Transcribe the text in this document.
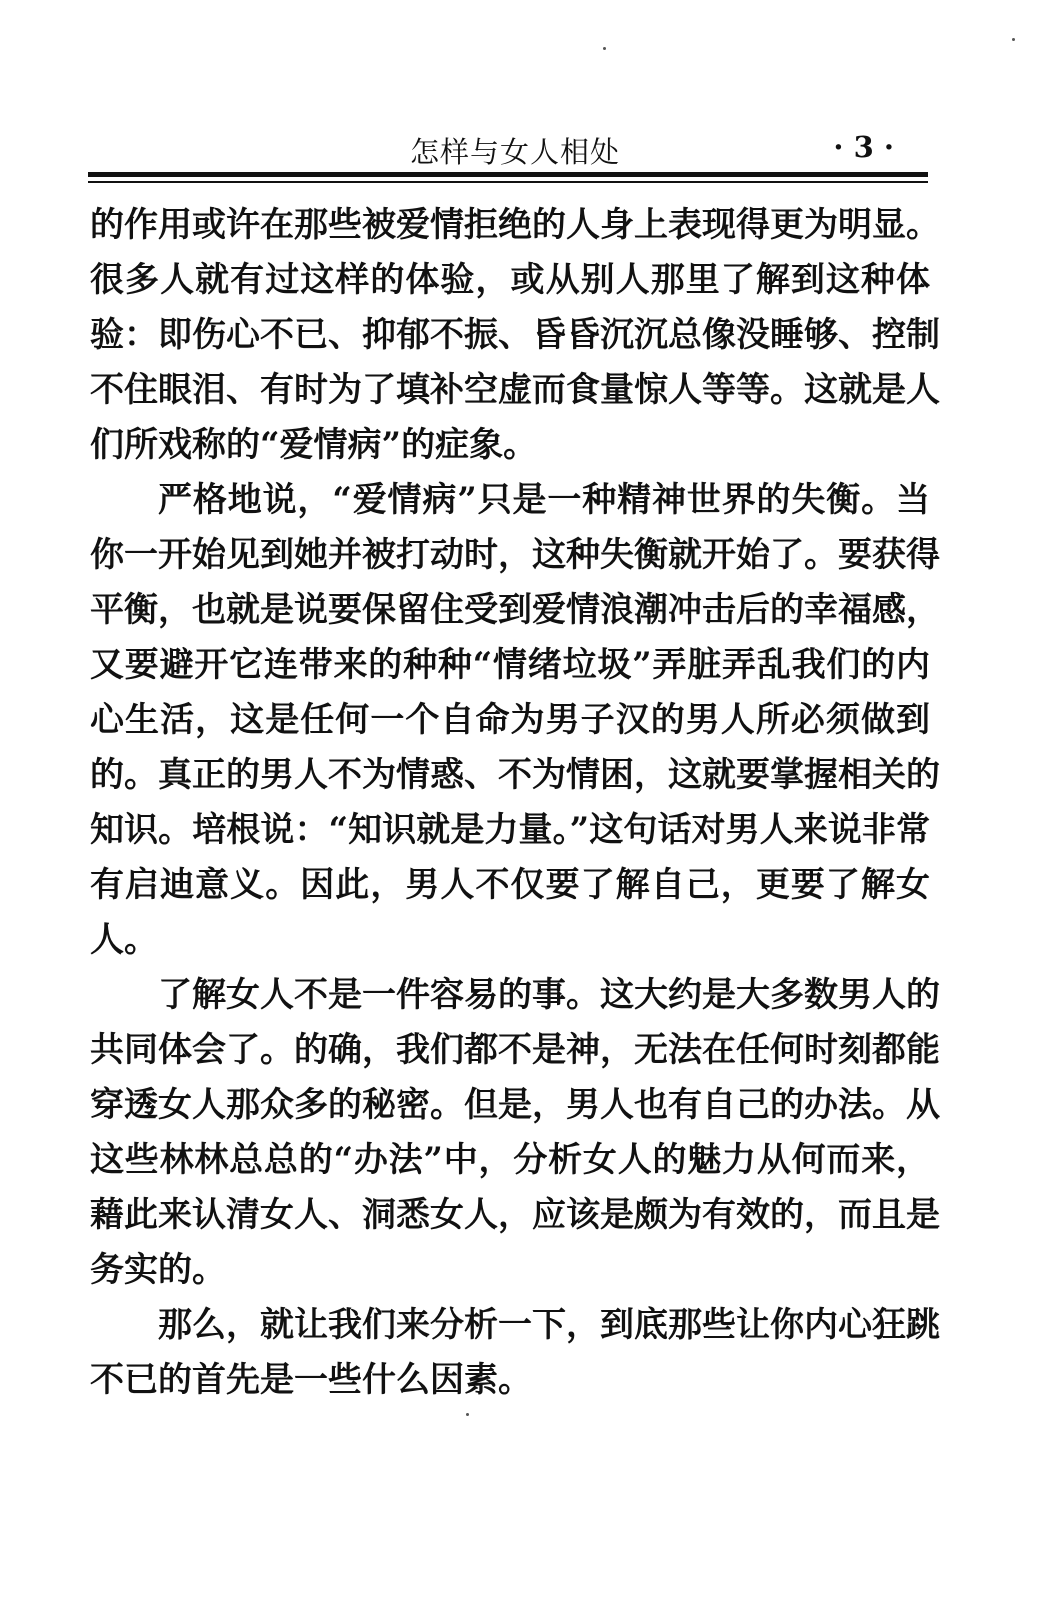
怎样与女人相处	· 3 ·
的作用或许在那些被爱情拒绝的人身上表现得更为明显。
很多人就有过这样的体验，或从别人那里了解到这种体
验：即伤心不已、抑郁不振、昏昏沉沉总像没睡够、控制
不住眼泪、有时为了填补空虚而食量惊人等等。这就是人
们所戏称的“爱情病”的症象。
严格地说，“爱情病”只是一种精神世界的失衡。当
你一开始见到她并被打动时，这种失衡就开始了。要获得
平衡，也就是说要保留住受到爱情浪潮冲击后的幸福感，
又要避开它连带来的种种“情绪垃圾”弄脏弄乱我们的内
心生活，这是任何一个自命为男子汉的男人所必须做到
的。真正的男人不为情惑、不为情困，这就要掌握相关的
知识。培根说：“知识就是力量。”这句话对男人来说非常
有启迪意义。因此，男人不仅要了解自己，更要了解女
人。
了解女人不是一件容易的事。这大约是大多数男人的
共同体会了。的确，我们都不是神，无法在任何时刻都能
穿透女人那众多的秘密。但是，男人也有自己的办法。从
这些林林总总的“办法”中，分析女人的魅力从何而来，
藉此来认清女人、洞悉女人，应该是颇为有效的，而且是
务实的。
那么，就让我们来分析一下，到底那些让你内心狂跳
不已的首先是一些什么因素。
